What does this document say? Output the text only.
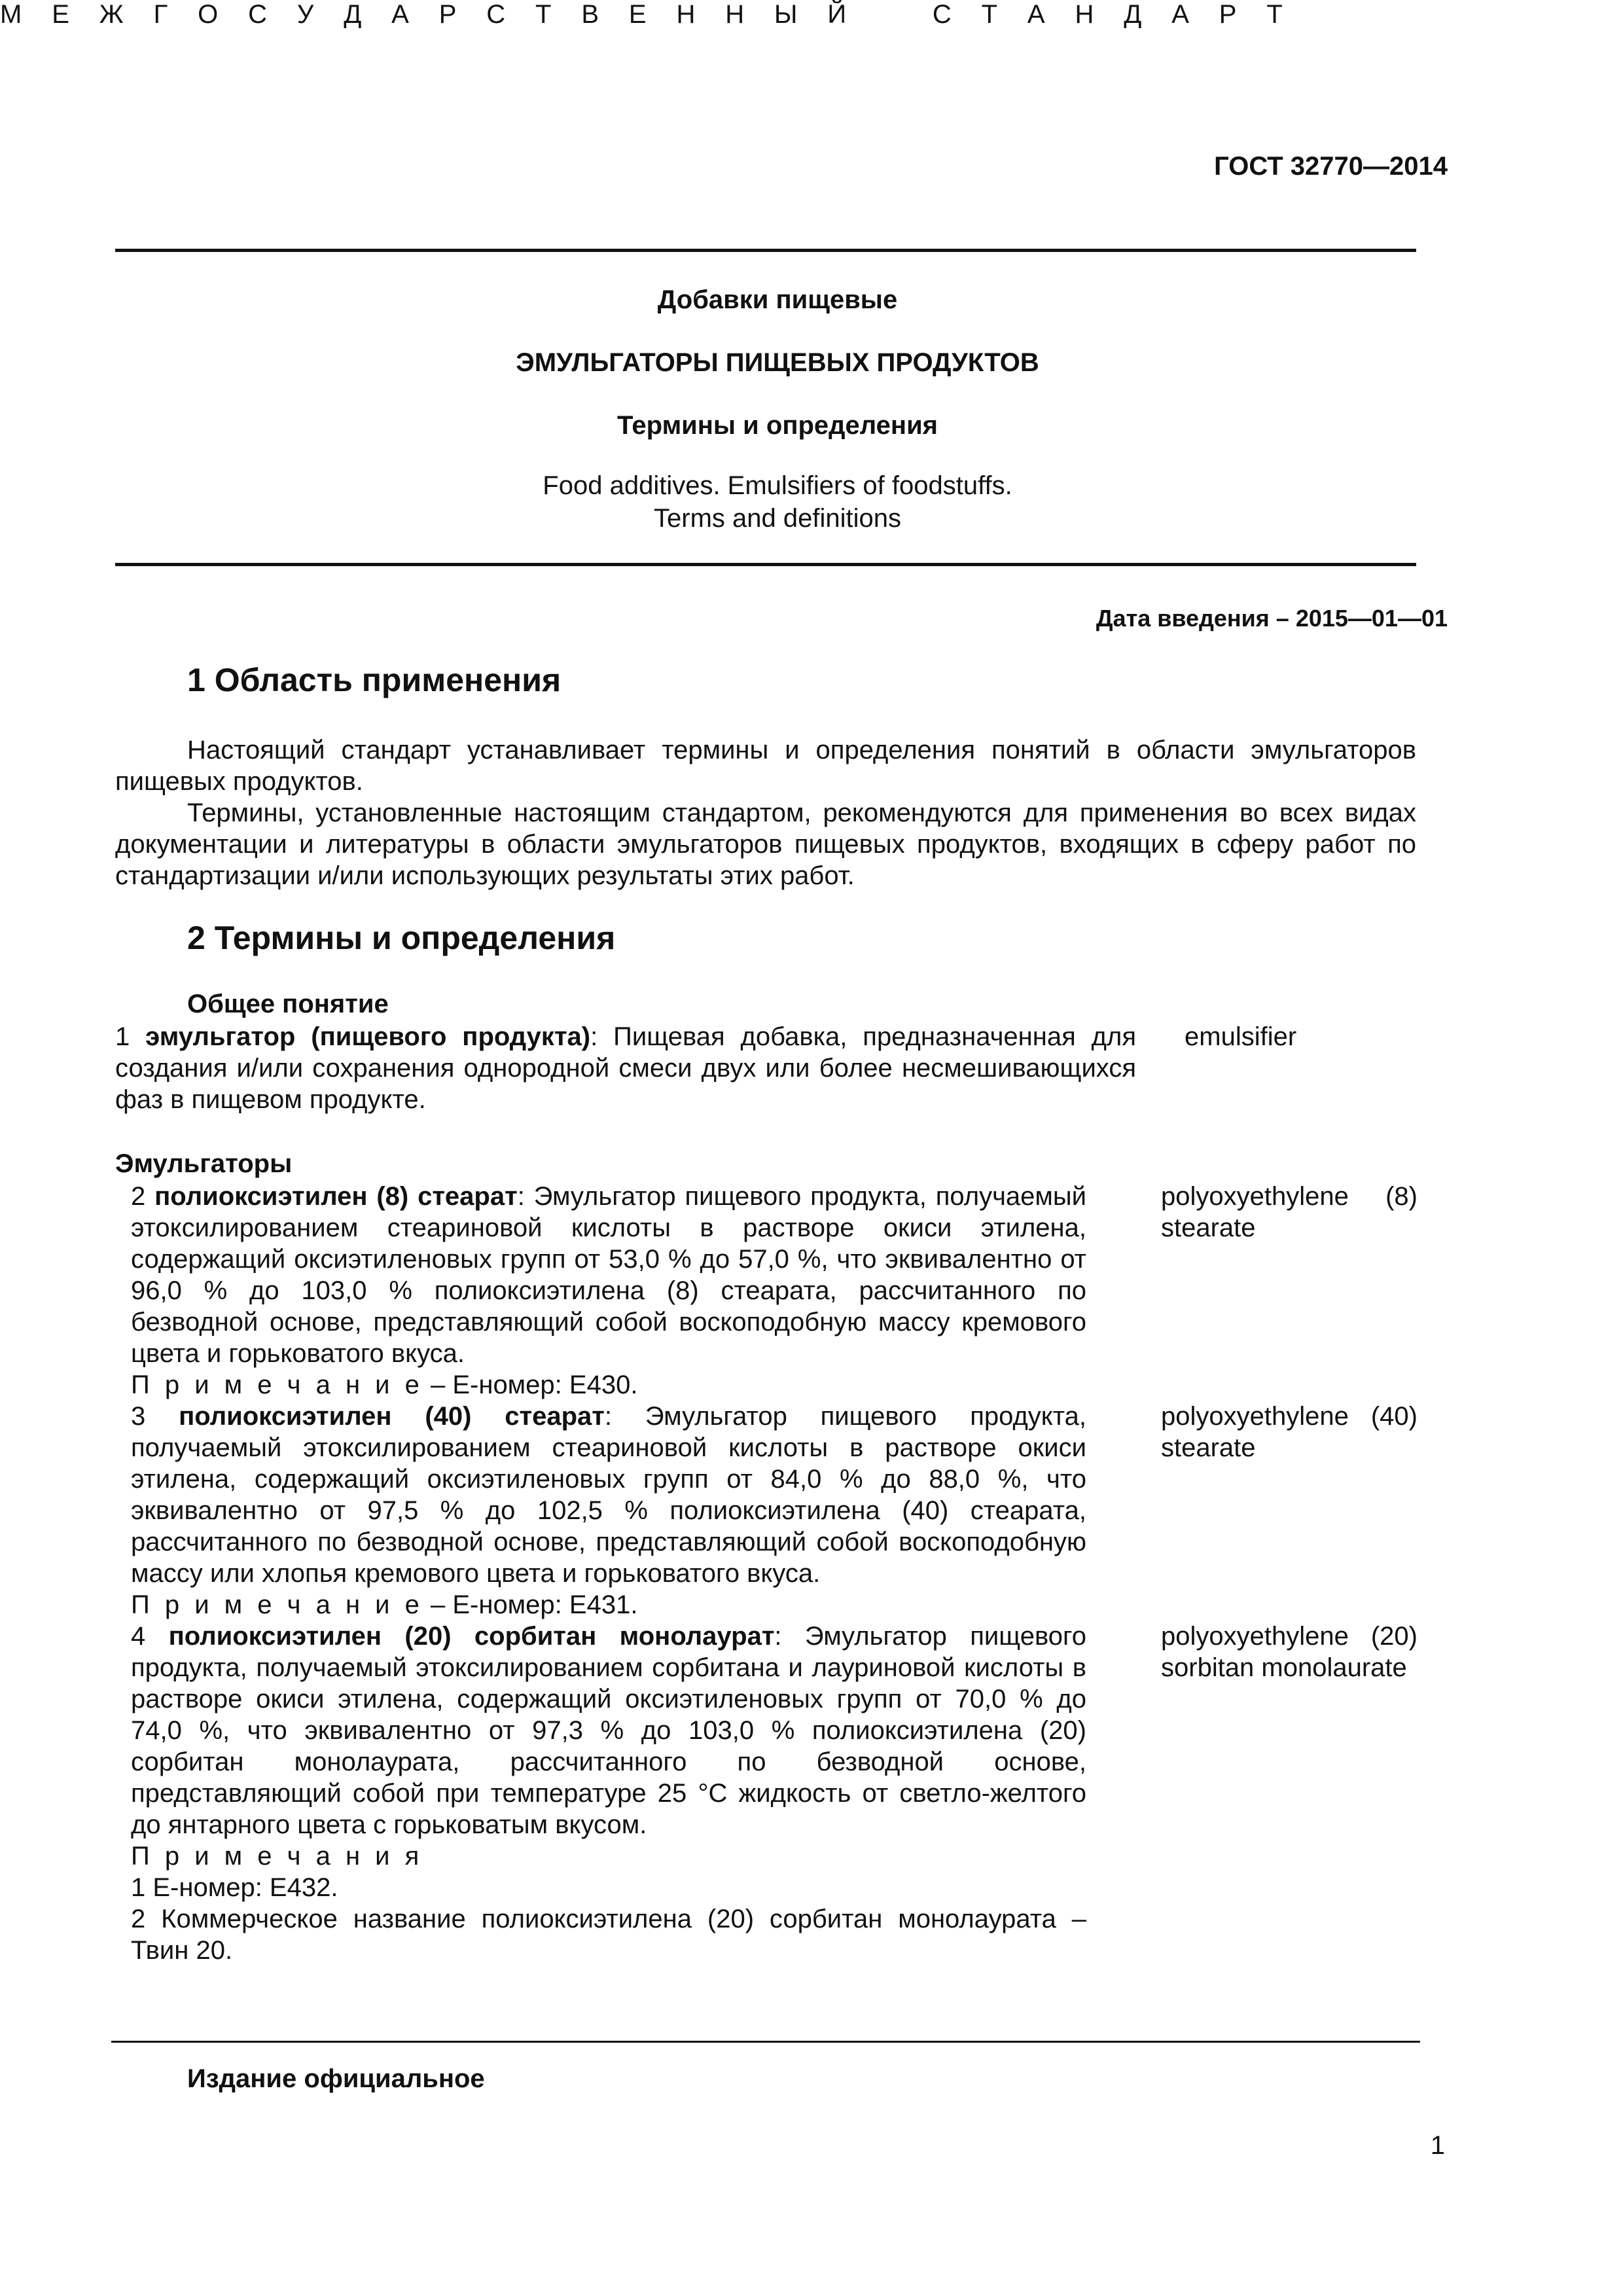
ГОСТ 32770—2014
М Е Ж Г О С У Д А Р С Т В Е Н Н Ы Й	С Т А Н Д А Р Т
Добавки пищевые
ЭМУЛЬГАТОРЫ ПИЩЕВЫХ ПРОДУКТОВ
Термины и определения
Food additives. Emulsifiers of foodstuffs.
Terms and definitions
Дата введения – 2015—01—01
1 Область применения

Настоящий стандарт устанавливает термины и определения понятий в области эмульгаторов пищевых продуктов.

Термины, установленные настоящим стандартом, рекомендуются для применения во всех видах документации и литературы в области эмульгаторов пищевых продуктов, входящих в сферу работ по стандартизации и/или использующих результаты этих работ.

2 Термины и определения
Общее понятие

1 эмульгатор (пищевого продукта): Пищевая добавка, предназначенная для создания и/или сохранения однородной смеси двух или более несмешивающихся фаз в пищевом продукте.

emulsifier
Эмульгаторы

2 полиоксиэтилен (8) стеарат: Эмульгатор пищевого продукта, получаемый этоксилированием стеариновой кислоты в растворе окиси этилена, содержащий оксиэтиленовых групп от 53,0 % до 57,0 %, что эквивалентно от 96,0 % до 103,0 % полиоксиэтилена (8) стеарата, рассчитанного по безводной основе, представляющий собой воскоподобную массу кремового цвета и горьковатого вкуса.

П р и м е ч а н и е – Е-номер: Е430.

polyoxyethylene (8)
stearate

3 полиоксиэтилен (40) стеарат: Эмульгатор пищевого продукта, получаемый этоксилированием стеариновой кислоты в растворе окиси этилена, содержащий оксиэтиленовых групп от 84,0 % до 88,0 %, что эквивалентно от 97,5 % до 102,5 % полиоксиэтилена (40) стеарата, рассчитанного по безводной основе, представляющий собой воскоподобную массу или хлопья кремового цвета и горьковатого вкуса.

П р и м е ч а н и е – Е-номер: Е431.

polyoxyethylene (40)
stearate

4 полиоксиэтилен (20) сорбитан монолаурат: Эмульгатор пищевого продукта, получаемый этоксилированием сорбитана и лауриновой кислоты в растворе окиси этилена, содержащий оксиэтиленовых групп от 70,0 % до 74,0 %, что эквивалентно от 97,3 % до 103,0 % полиоксиэтилена (20) сорбитан монолаурата, рассчитанного по безводной основе, представляющий собой при температуре 25 °С жидкость от светло-желтого до янтарного цвета с горьковатым вкусом.

П р и м е ч а н и я

1 Е-номер: Е432.

2 Коммерческое название полиоксиэтилена (20) сорбитан монолаурата – Твин 20.

polyoxyethylene (20)
sorbitan monolaurate
Издание официальное
1
